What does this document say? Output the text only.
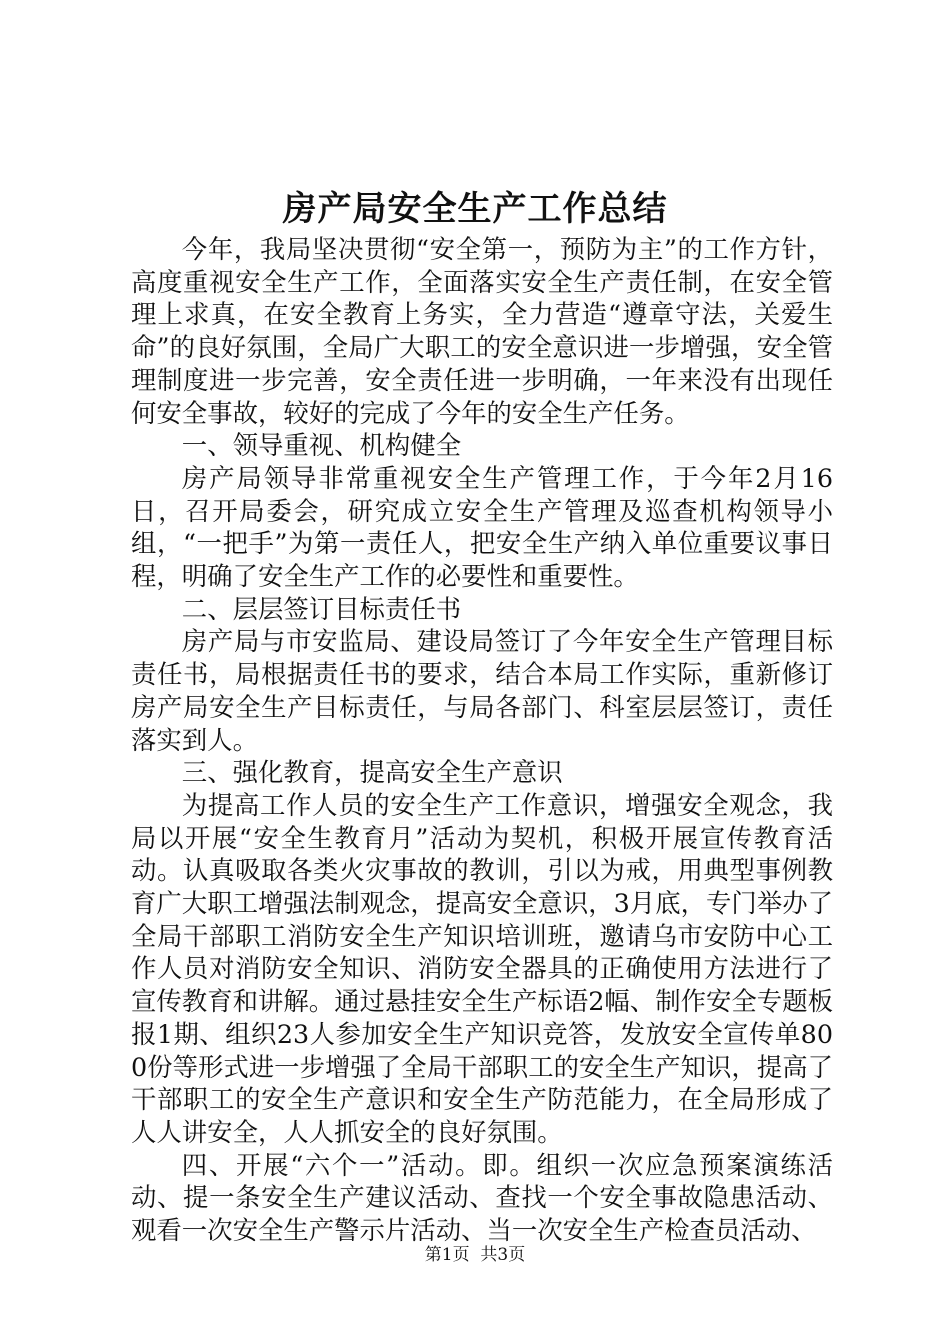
房产局安全生产工作总结

今年，我局坚决贯彻“安全第一，预防为主”的工作方针，高度重视安全生产工作，全面落实安全生产责任制，在安全管理上求真，在安全教育上务实，全力营造“遵章守法，关爱生命”的良好氛围，全局广大职工的安全意识进一步增强，安全管理制度进一步完善，安全责任进一步明确，一年来没有出现任何安全事故，较好的完成了今年的安全生产任务。

一、领导重视、机构健全

房产局领导非常重视安全生产管理工作，于今年2月16日，召开局委会，研究成立安全生产管理及巡查机构领导小组，“一把手”为第一责任人，把安全生产纳入单位重要议事日程，明确了安全生产工作的必要性和重要性。

二、层层签订目标责任书

房产局与市安监局、建设局签订了今年安全生产管理目标责任书，局根据责任书的要求，结合本局工作实际，重新修订房产局安全生产目标责任，与局各部门、科室层层签订，责任落实到人。

三、强化教育，提高安全生产意识

为提高工作人员的安全生产工作意识，增强安全观念，我局以开展“安全生教育月”活动为契机，积极开展宣传教育活动。认真吸取各类火灾事故的教训，引以为戒，用典型事例教育广大职工增强法制观念，提高安全意识，3月底，专门举办了全局干部职工消防安全生产知识培训班，邀请乌市安防中心工作人员对消防安全知识、消防安全器具的正确使用方法进行了宣传教育和讲解。通过悬挂安全生产标语2幅、制作安全专题板报1期、组织23人参加安全生产知识竞答，发放安全宣传单800份等形式进一步增强了全局干部职工的安全生产知识，提高了干部职工的安全生产意识和安全生产防范能力，在全局形成了人人讲安全，人人抓安全的良好氛围。

四、开展“六个一”活动。即。组织一次应急预案演练活动、提一条安全生产建议活动、查找一个安全事故隐患活动、观看一次安全生产警示片活动、当一次安全生产检查员活动、

第1页 共3页
